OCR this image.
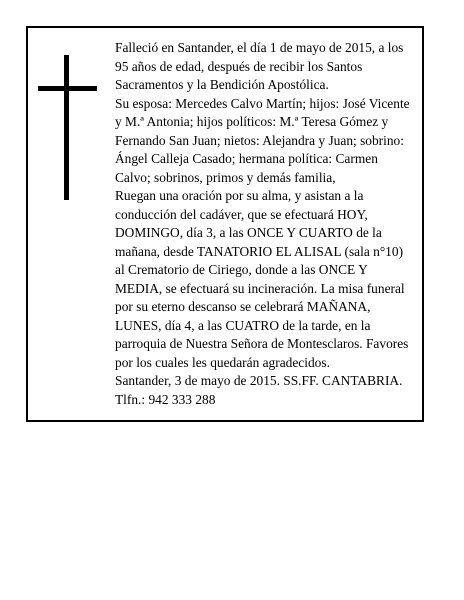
Falleció en Santander, el día 1 de mayo de 2015, a los
95 años de edad, después de recibir los Santos
Sacramentos y la Bendición Apostólica.
Su esposa: Mercedes Calvo Martín; hijos: José Vicente
y M.ª Antonia; hijos políticos: M.ª Teresa Gómez y
Fernando San Juan; nietos: Alejandra y Juan; sobrino:
Ángel Calleja Casado; hermana política: Carmen
Calvo; sobrinos, primos y demás familia,
Ruegan una oración por su alma, y asistan a la
conducción del cadáver, que se efectuará HOY,
DOMINGO, día 3, a las ONCE Y CUARTO de la
mañana, desde TANATORIO EL ALISAL (sala n°10)
al Crematorio de Ciriego, donde a las ONCE Y
MEDIA, se efectuará su incineración. La misa funeral
por su eterno descanso se celebrará MAÑANA,
LUNES, día 4, a las CUATRO de la tarde, en la
parroquia de Nuestra Señora de Montesclaros. Favores
por los cuales les quedarán agradecidos.
Santander, 3 de mayo de 2015. SS.FF. CANTABRIA.
Tlfn.: 942 333 288
